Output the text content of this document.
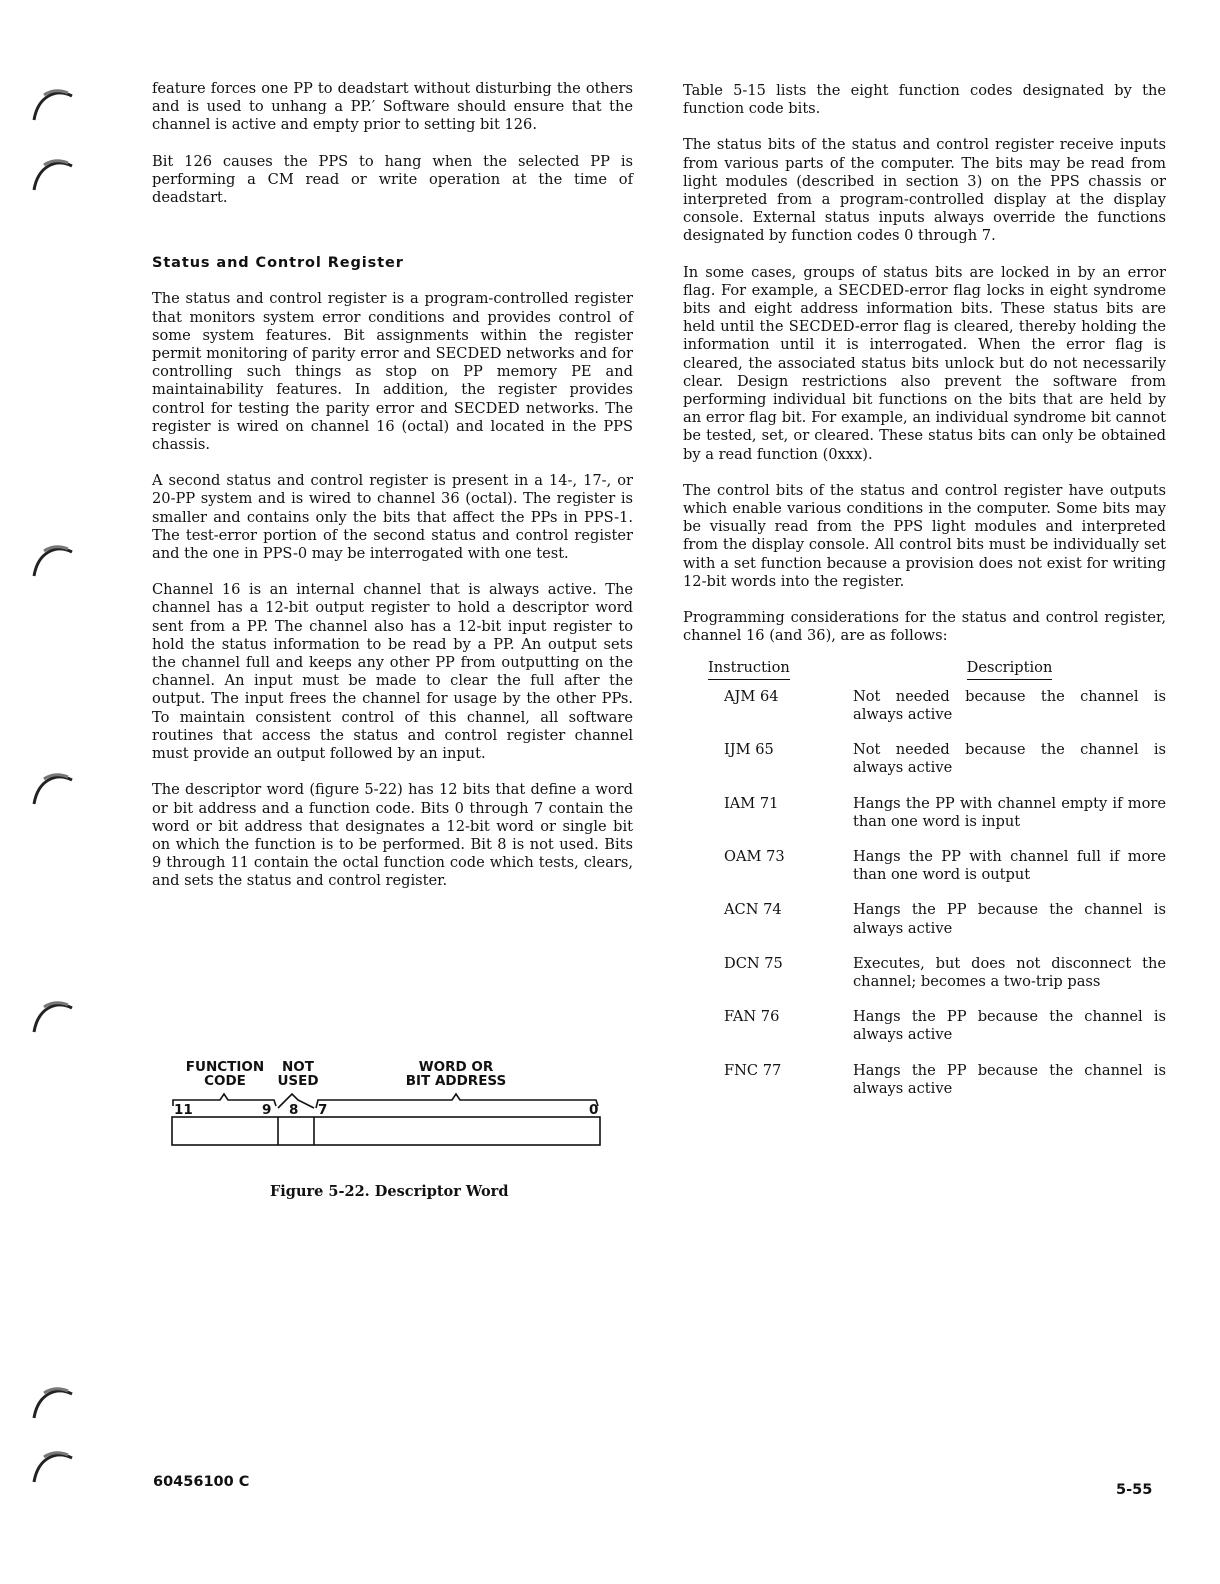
feature forces one PP to deadstart without disturbing the others and is used to unhang a PP.′ Software should ensure that the channel is active and empty prior to setting bit 126.

Bit 126 causes the PPS to hang when the selected PP is performing a CM read or write operation at the time of deadstart.

Status and Control Register

The status and control register is a program-controlled register that monitors system error conditions and provides control of some system features. Bit assignments within the register permit monitoring of parity error and SECDED networks and for controlling such things as stop on PP memory PE and maintainability features. In addition, the register provides control for testing the parity error and SECDED networks. The register is wired on channel 16 (octal) and located in the PPS chassis.

A second status and control register is present in a 14-, 17-, or 20-PP system and is wired to channel 36 (octal). The register is smaller and contains only the bits that affect the PPs in PPS-1. The test-error portion of the second status and control register and the one in PPS-0 may be interrogated with one test.

Channel 16 is an internal channel that is always active. The channel has a 12-bit output register to hold a descriptor word sent from a PP. The channel also has a 12-bit input register to hold the status information to be read by a PP. An output sets the channel full and keeps any other PP from outputting on the channel. An input must be made to clear the full after the output. The input frees the channel for usage by the other PPs. To maintain consistent control of this channel, all software routines that access the status and control register channel must provide an output followed by an input.

The descriptor word (figure 5-22) has 12 bits that define a word or bit address and a function code. Bits 0 through 7 contain the word or bit address that designates a 12-bit word or single bit on which the function is to be performed. Bit 8 is not used. Bits 9 through 11 contain the octal function code which tests, clears, and sets the status and control register.

FUNCTION
CODE
NOT
USED
WORD OR
BIT ADDRESS
11	9 8 7	0
Figure 5-22. Descriptor Word

Table 5-15 lists the eight function codes designated by the function code bits.

The status bits of the status and control register receive inputs from various parts of the computer. The bits may be read from light modules (described in section 3) on the PPS chassis or interpreted from a program-controlled display at the display console. External status inputs always override the functions designated by function codes 0 through 7.

In some cases, groups of status bits are locked in by an error flag. For example, a SECDED-error flag locks in eight syndrome bits and eight address information bits. These status bits are held until the SECDED-error flag is cleared, thereby holding the information until it is interrogated. When the error flag is cleared, the associated status bits unlock but do not necessarily clear. Design restrictions also prevent the software from performing individual bit functions on the bits that are held by an error flag bit. For example, an individual syndrome bit cannot be tested, set, or cleared. These status bits can only be obtained by a read function (0xxx).

The control bits of the status and control register have outputs which enable various conditions in the computer. Some bits may be visually read from the PPS light modules and interpreted from the display console. All control bits must be individually set with a set function because a provision does not exist for writing 12-bit words into the register.

Programming considerations for the status and control register, channel 16 (and 36), are as follows:

Instruction	Description
AJM 64	Not needed because the channel is always active
IJM 65	Not needed because the channel is always active
IAM 71	Hangs the PP with channel empty if more than one word is input
OAM 73	Hangs the PP with channel full if more than one word is output
ACN 74	Hangs the PP because the channel is always active
DCN 75	Executes, but does not disconnect the channel; becomes a two-trip pass
FAN 76	Hangs the PP because the channel is always active
FNC 77	Hangs the PP because the channel is always active
60456100 C	5-55
